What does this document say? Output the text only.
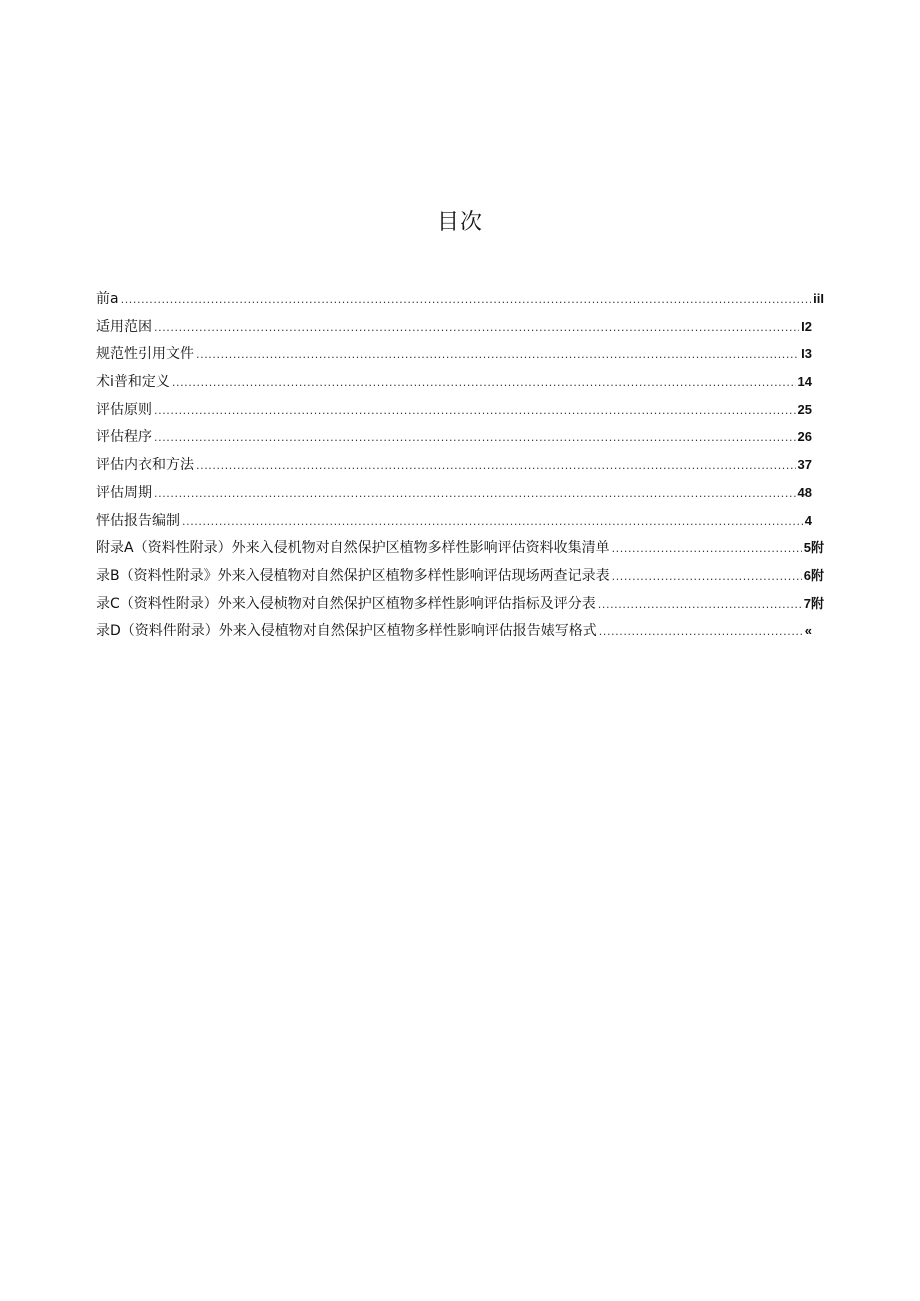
目次
前a .....	iiI
适用范困 .....	I2
规范性引用文件 .....	I3
术i普和定义 .....	14
评估原则 .....	25
评估程序 .....	26
评估内衣和方法 .....	37
评估周期 .....	48
怦估报告编制 .....	4
附录A（资料性附录）外来入侵机物对自然保护区植物多样性影响评估资料收集清单 .....	5附
录B（资料性附录》外来入侵植物对自然保护区植物多样性影响评估现场两查记录表 .....	6附
录C（资料性附录）外来入侵桢物对自然保护区植物多样性影响评估指标及评分表 .....	7附
录D（资料件附录）外来入侵植物对自然保护区植物多样性影响评估报告婊写格式 .....	«
